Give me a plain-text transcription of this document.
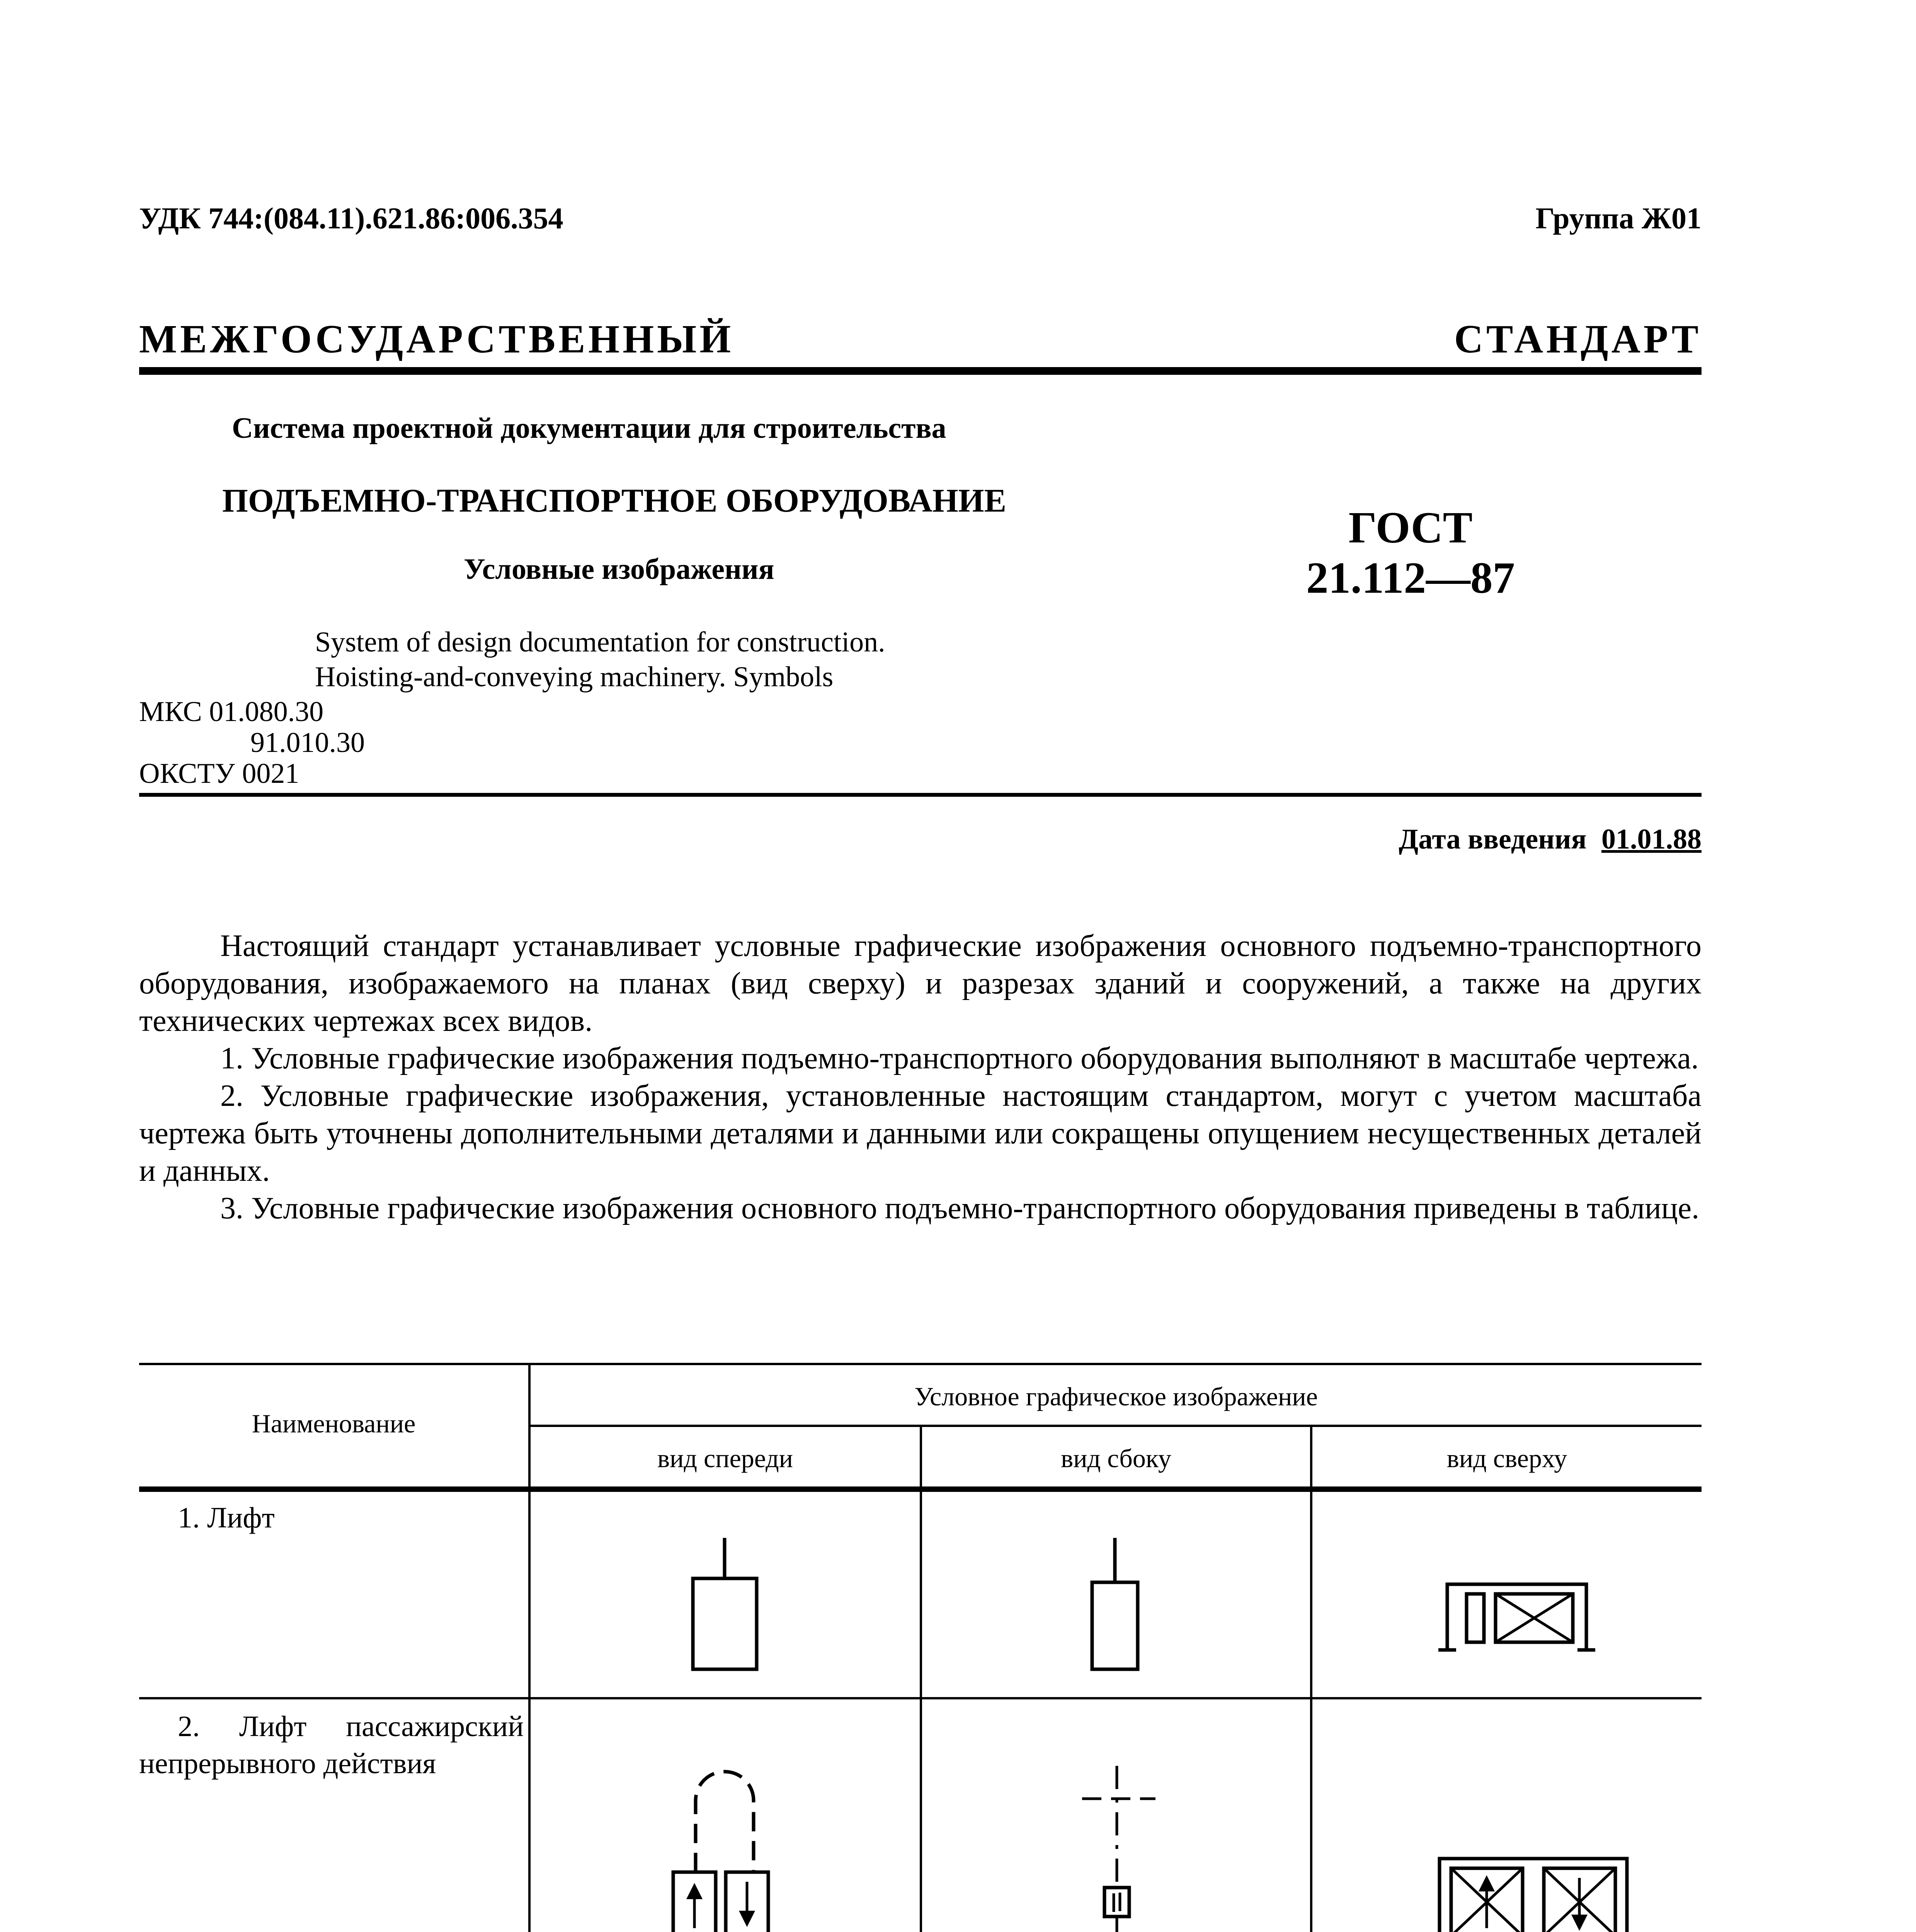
УДК 744:(084.11).621.86:006.354	Группа Ж01
МЕЖГОСУДАРСТВЕННЫЙ СТАНДАРТ
Система проектной документации для строительства
ПОДЪЕМНО-ТРАНСПОРТНОЕ ОБОРУДОВАНИЕ
Условные изображения
ГОСТ
21.112—87
System of design documentation for construction.
Hoisting-and-conveying machinery. Symbols
МКС 01.080.30
91.010.30
ОКСТУ 0021
Дата введения 01.01.88

Настоящий стандарт устанавливает условные графические изображения основного подъемно-транспортного оборудования, изображаемого на планах (вид сверху) и разрезах зданий и сооружений, а также на других технических чертежах всех видов.

1. Условные графические изображения подъемно-транспортного оборудования выполняют в масштабе чертежа.

2. Условные графические изображения, установленные настоящим стандартом, могут с учетом масштаба чертежа быть уточнены дополнительными деталями и данными или сокращены опущением несущественных деталей и данных.

3. Условные графические изображения основного подъемно-транспортного оборудования приведены в таблице.

Наименование
Условное графическое изображение
вид спереди	вид сбоку	вид сверху
1. Лифт
2. Лифт пассажирский
непрерывного действия
